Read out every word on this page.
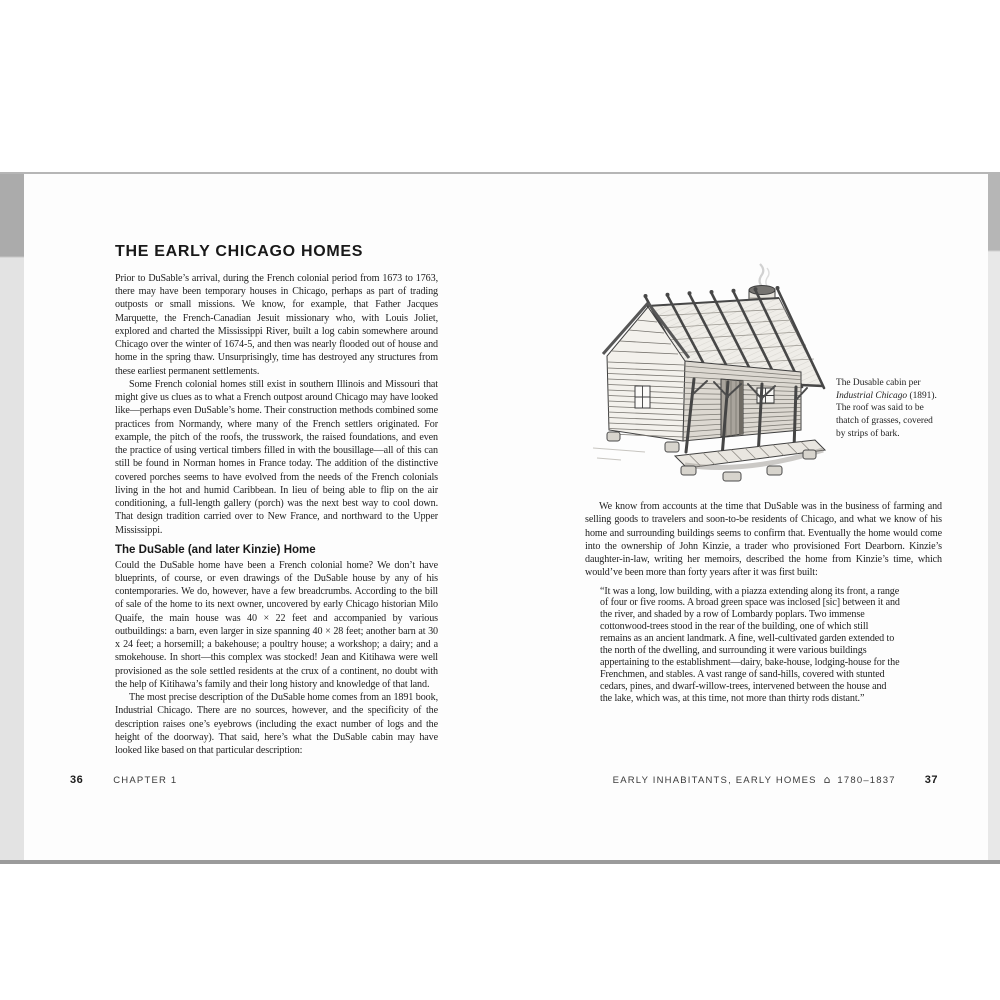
THE EARLY CHICAGO HOMES

Prior to DuSable’s arrival, during the French colonial period from 1673 to 1763, there may have been temporary houses in Chicago, perhaps as part of trading outposts or small missions. We know, for example, that Father Jacques Marquette, the French-Canadian Jesuit missionary who, with Louis Joliet, explored and charted the Mississippi River, built a log cabin somewhere around Chicago over the winter of 1674-5, and then was nearly flooded out of house and home in the spring thaw. Unsurprisingly, time has destroyed any structures from these earliest permanent settlements.

Some French colonial homes still exist in southern Illinois and Missouri that might give us clues as to what a French outpost around Chicago may have looked like—perhaps even DuSable’s home. Their construction methods combined some practices from Normandy, where many of the French settlers originated. For example, the pitch of the roofs, the trusswork, the raised foundations, and even the practice of using vertical timbers filled in with the bousillage—all of this can still be found in Norman homes in France today. The addition of the distinctive covered porches seems to have evolved from the needs of the French colonials living in the hot and humid Caribbean. In lieu of being able to flip on the air conditioning, a full-length gallery (porch) was the next best way to cool down. That design tradition carried over to New France, and northward to the Upper Mississippi.

The DuSable (and later Kinzie) Home

Could the DuSable home have been a French colonial home? We don’t have blueprints, of course, or even drawings of the DuSable house by any of his contemporaries. We do, however, have a few breadcrumbs. According to the bill of sale of the home to its next owner, uncovered by early Chicago historian Milo Quaife, the main house was 40 × 22 feet and accompanied by various outbuildings: a barn, even larger in size spanning 40 × 28 feet; another barn at 30 x 24 feet; a horsemill; a bakehouse; a poultry house; a workshop; a dairy; and a smokehouse. In short—this complex was stocked! Jean and Kitihawa were well provisioned as the sole settled residents at the crux of a continent, no doubt with the help of Kitihawa’s family and their long history and knowledge of that land.

The most precise description of the DuSable home comes from an 1891 book, Industrial Chicago. There are no sources, however, and the specificity of the description raises one’s eyebrows (including the exact number of logs and the height of the doorway). That said, here’s what the DuSable cabin may have looked like based on that particular description:

The Dusable cabin per Industrial Chicago (1891). The roof was said to be thatch of grasses, covered by strips of bark.

We know from accounts at the time that DuSable was in the business of farming and selling goods to travelers and soon-to-be residents of Chicago, and what we know of his home and surrounding buildings seems to confirm that. Eventually the home would come into the ownership of John Kinzie, a trader who provisioned Fort Dearborn. Kinzie’s daughter-in-law, writing her memoirs, described the home from Kinzie’s time, which would’ve been more than forty years after it was first built:

“It was a long, low building, with a piazza extending along its front, a range of four or five rooms. A broad green space was inclosed [sic] between it and the river, and shaded by a row of Lombardy poplars. Two immense cottonwood-trees stood in the rear of the building, one of which still remains as an ancient landmark. A fine, well-cultivated garden extended to the north of the dwelling, and surrounding it were various buildings appertaining to the establishment—dairy, bake-house, lodging-house for the Frenchmen, and stables. A vast range of sand-hills, covered with stunted cedars, pines, and dwarf-willow-trees, intervened between the house and the lake, which was, at this time, not more than thirty rods distant.”
36	CHAPTER 1	EARLY INHABITANTS, EARLY HOMES ⌂ 1780–1837	37
